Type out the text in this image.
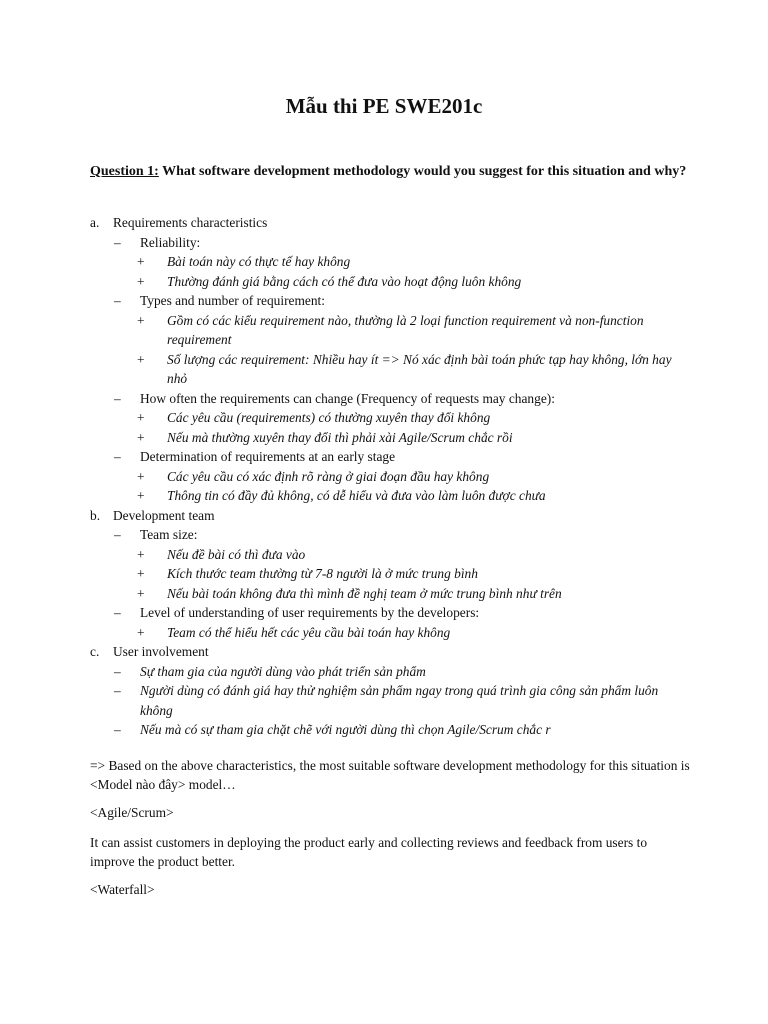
Mẫu thi PE SWE201c
Question 1: What software development methodology would you suggest for this situation and why?
a. Requirements characteristics
– Reliability:
+ Bài toán này có thực tế hay không
+ Thường đánh giá bằng cách có thể đưa vào hoạt động luôn không
– Types and number of requirement:
+ Gồm có các kiểu requirement nào, thường là 2 loại function requirement và non-function requirement
+ Số lượng các requirement: Nhiều hay ít => Nó xác định bài toán phức tạp hay không, lớn hay nhỏ
– How often the requirements can change (Frequency of requests may change):
+ Các yêu cầu (requirements) có thường xuyên thay đổi không
+ Nếu mà thường xuyên thay đổi thì phải xài Agile/Scrum chắc rồi
– Determination of requirements at an early stage
+ Các yêu cầu có xác định rõ ràng ở giai đoạn đầu hay không
+ Thông tin có đầy đủ không, có dễ hiểu và đưa vào làm luôn được chưa
b. Development team
– Team size:
+ Nếu đề bài có thì đưa vào
+ Kích thước team thường từ 7-8 người là ở mức trung bình
+ Nếu bài toán không đưa thì mình đề nghị team ở mức trung bình như trên
– Level of understanding of user requirements by the developers:
+ Team có thể hiểu hết các yêu cầu bài toán hay không
c. User involvement
– Sự tham gia của người dùng vào phát triển sản phẩm
– Người dùng có đánh giá hay thử nghiệm sản phẩm ngay trong quá trình gia công sản phẩm luôn không
– Nếu mà có sự tham gia chặt chẽ với người dùng thì chọn Agile/Scrum chắc r

=> Based on the above characteristics, the most suitable software development methodology for this situation is <Model nào đây> model…

<Agile/Scrum>

It can assist customers in deploying the product early and collecting reviews and feedback from users to improve the product better.

<Waterfall>
